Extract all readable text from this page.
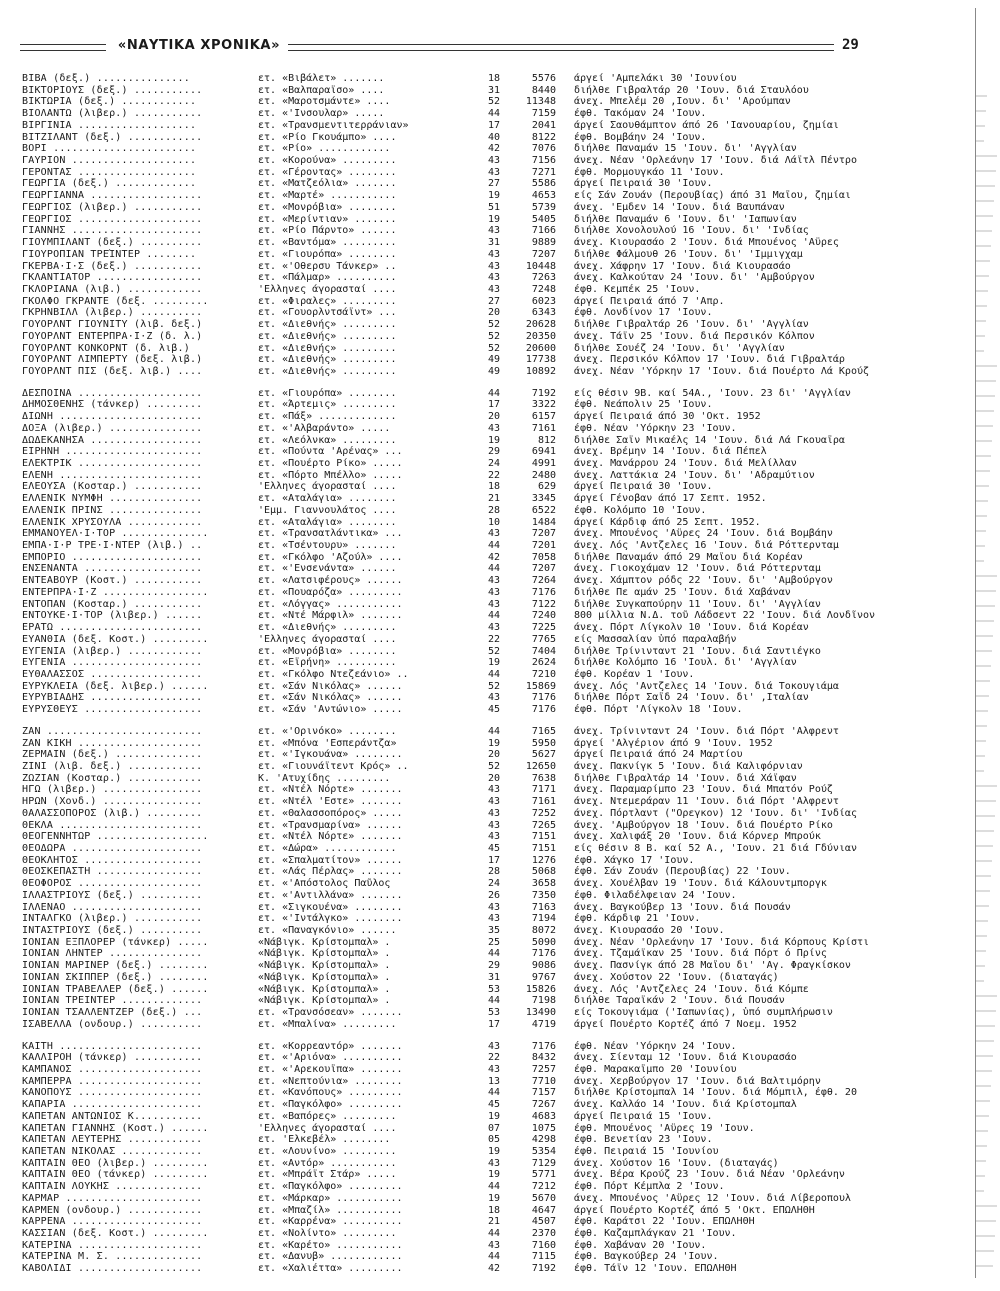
«ΝΑΥΤΙΚΑ ΧΡΟΝΙΚΑ»	29
ΒΙΒΑ (δεξ.) ...............	ετ. «Βιβάλετ» .......	18	5576 άργεί 'Αμπελάκι 30 'Ιουνίου
ΒΙΚΤΟΡΙΟΥΣ (δεξ.) ...........	ετ. «Βαλπαραϊσο» ....	31	8440 διήλθε Γιβραλτάρ 20 'Ιουν. διά Σταυλόου
ΒΙΚΤΩΡΙΑ (δεξ.) ............	ετ. «Μαροτσμάντε» ....	52	11348 άνεχ. Μπελέμ 20 ,Ιουν. δι' 'Αρούμπαν
ΒΙΟΛΑΝΤΩ (λιβερ.) ...........	ετ. «'Ινσουλαρ» .....	44	7159 έφθ. Τακόμαν 24 'Ιουν.
ΒΙΡΓΙΝΙΑ ...................	ετ. «Τρανσμεντιτερράνιαν»	17	2041 άργεί Σαουθάμπτον άπό 26 'Ιανουαρίου, ζημίαι
ΒΙΤΖΙΛΑΝΤ (δεξ.) ............	ετ. «Ρίο Γκουάμπο» ....	40	8122 έφθ. Βομβάην 24 'Ιουν.
ΒΟΡΙ .......................	ετ. «Ρίο» ............	42	7076 διήλθε Παναμάν 15 'Ιουν. δι' 'Αγγλίαν
ΓΑΥΡΙΟΝ ....................	ετ. «Κορούνα» .........	43	7156 άνεχ. Νέαν 'Ορλεάνην 17 'Ιουν. διά Λάϊτλ Πέντρο
ΓΕΡΟΝΤΑΣ ...................	ετ. «Γέροντας» ........	43	7271 έφθ. Μορμουγκάο 11 'Ιουν.
ΓΕΩΡΓΙΑ (δεξ.) .............	ετ. «Ματζεόλια» .......	27	5586 άργεί Πειραιά 30 'Ιουν.
ΓΕΩΡΓΙΑΝΝΑ ..................	ετ. «Μαρτέ» ...........	19	4653 είς Σάν Ζουάν (Περουβίας) άπό 31 Μαΐου, ζημίαι
ΓΕΩΡΓΙΟΣ (λιβερ.) ...........	ετ. «Μονρόβια» ........	51	5739 άνεχ. 'Εμδεν 14 'Ιουν. διά Βαυπάναν
ΓΕΩΡΓΙΟΣ ....................	ετ. «Μερίντιαν» .......	19	5405 διήλθε Παναμάν 6 'Ιουν. δι' 'Ιαπωνίαν
ΓΙΑΝΝΗΣ .....................	ετ. «Ρίο Πάρντο» ......	43	7166 διήλθε Χονολουλού 16 'Ιουν. δι' 'Ινδίας
ΓΙΟΥΜΠΙΛΑΝΤ (δεξ.) ..........	ετ. «Βαντόμα» .........	31	9889 άνεχ. Κιουρασάο 2 'Ιουν. διά Μπουένος 'Αϋρες
ΓΙΟΥΡΟΠΙΑΝ ΤΡΕΊΝΤΕΡ ........	ετ. «Γιουρόπα» ........	43	7207 διήλθε Φάλμουθ 26 'Ιουν. δι' 'Ιμμιγχαμ
ΓΚΕΡΒΑ·Ι·Σ (δεξ.) ...........	ετ. «'Οθερσυ Τάνκερ» ..	43	10448 άνεχ. Χάφρην 17 'Ιουν. διά Κιουρασάο
ΓΚΛΑΝΤΙΑΤΟΡ .................	ετ. «Πάλμαρ» ..........	43	7263 άνεχ. Καλκούταν 24 'Ιουν. δι' 'Αμβούργον
ΓΚΛΟΡΙΑΝΑ (λιβ.) ............	'Ελληνες άγορασταί ....	43	7248 έφθ. Κεμπέκ 25 'Ιουν.
ΓΚΟΛΦΟ ΓΚΡΑΝΤΕ (δεξ. .........	ετ. «Φιραλες» .........	27	6023 άργεί Πειραιά άπό 7 'Απρ.
ΓΚΡΗΝΒΙΛΛ (λιβερ.) ..........	ετ. «Γουορλντσάϊντ» ...	20	6343 έφθ. Λονδίνον 17 'Ιουν.
ΓΟΥΟΡΛΝΤ ΓΙΟΥΝΙΤΥ (λιβ. δεξ.)	ετ. «Διεθνής» .........	52	20628 διήλθε Γιβραλτάρ 26 'Ιουν. δι' 'Αγγλίαν
ΓΟΥΟΡΛΝΤ ΕΝΤΕΡΠΡΑ·Ι·Ζ (δ. λ.)	ετ. «Διεθνής» .........	52	20350 άνεχ. Τάϊν 25 'Ιουν. διά Περσικόν Κόλπον
ΓΟΥΟΡΛΝΤ ΚΟΝΚΟΡΝΤ (δ. λιβ.)	ετ. «Διεθνής» .........	52	20600 διήλθε Σουέζ 24 'Ιουν. δι' 'Αγγλίαν
ΓΟΥΟΡΛΝΤ ΛΙΜΠΕΡΤΥ (δεξ. λιβ.)	ετ. «Διεθνής» .........	49	17738 άνεχ. Περσικόν Κόλπον 17 'Ιουν. διά Γιβραλτάρ
ΓΟΥΟΡΛΝΤ ΠΙΣ (δεξ. λιβ.) ....	ετ. «Διεθνής» .........	49	10892 άνεχ. Νέαν 'Υόρκην 17 'Ιουν. διά Πουέρτο Λά Κρούζ
ΔΕΣΠΟΙΝΑ ....................	ετ. «Γιουρόπα» ........	44	7192 είς θέσιν 9Β. καί 54Α., 'Ιουν. 23 δι' 'Αγγλίαν
ΔΗΜΟΣΘΕΝΗΣ (τάνκερ) .........	ετ. «Άρτεμις» .........	17	3322 έφθ. Νεάπολιν 25 'Ιουν.
ΔΙΩΝΗ .......................	ετ. «Πάξ» .............	20	6157 άργεί Πειραιά άπό 30 'Οκτ. 1952
ΔΟΞΑ (λιβερ.) ...............	ετ. «'Αλβαράντο» .....	43	7161 έφθ. Νέαν 'Υόρκην 23 'Ιουν.
ΔΩΔΕΚΑΝΗΣΑ ..................	ετ. «Λεόλνκα» .........	19	812 διήλθε Σαϊν Μικαέλς 14 'Ιουν. διά Λά Γκουαΐρα
ΕΙΡΗΝΗ ......................	ετ. «Πούντα 'Αρένας» ...	29	6941 άνεχ. Βρέμην 14 'Ιουν. διά Πέπελ
ΕΛΕΚΤΡΙΚ ....................	ετ. «Πουέρτο Ρίκο» .....	24	4991 άνεχ. Μανάρρου 24 'Ιουν. διά Μελίλλαν
ΕΛΕΝΗ .......................	ετ. «Πόρτο Μπέλλο» .....	22	2480 άνεχ. Λαττάκια 24 'Ιουν. δι' 'Αδραμύτιον
ΕΛΕΟΥΣΑ (Κοσταρ.) ...........	'Ελληνες άγορασταί ....	18	629 άργεί Πειραιά 30 'Ιουν.
ΕΛΛΕΝΙΚ ΝΥΜΦΗ ...............	ετ. «Αταλάγια» ........	21	3345 άργεί Γένοβαν άπό 17 Σεπτ. 1952.
ΕΛΛΕΝΙΚ ΠΡΙΝΣ ...............	'Εμμ. Γιαννουλάτος ....	28	6522 έφθ. Κολόμπο 10 'Ιουν.
ΕΛΛΕΝΙΚ ΧΡΥΣΟΥΛΑ ............	ετ. «Αταλάγια» ........	10	1484 άργεί Κάρδιφ άπό 25 Σεπτ. 1952.
ΕΜΜΑΝΟΥΕΛ·Ι·ΤΟΡ ..............	ετ. «Τρανσατλάντικα» ...	43	7207 άνεχ. Μπουένος 'Αϋρες 24 'Ιουν. διά Βομβάην
ΕΜΠΑ·Ι·Ρ ΤΡΕ·Ι·ΝΤΕΡ (λιβ.) ..	ετ. «Τσέντουρυ» .......	44	7201 άνεχ. Λός 'Αντζελες 16 'Ιουν. διά Ρόττερνταμ
ΕΜΠΟΡΙΟ .....................	ετ. «Γκόλφο 'Αζούλ» ....	42	7058 διήλθε Παναμάν άπό 29 Μαΐου διά Κορέαν
ΕΝΣΕΝΑΝΤΑ ...................	ετ. «'Ενσενάντα» ......	44	7207 άνεχ. Γιοκοχάμαν 12 'Ιουν. διά Ρόττερνταμ
ΕΝΤΕΑΒΟΥΡ (Κοστ.) ...........	ετ. «Λατσιφέρους» ......	43	7264 άνεχ. Χάμπτον ρόδς 22 'Ιουν. δι' 'Αμβούργον
ΕΝΤΕΡΠΡΑ·Ι·Ζ .................	ετ. «Πουαρόζα» .........	43	7176 διήλθε Πε αμάν 25 'Ιουν. διά Χαβάναν
ΕΝΤΟΠΑΝ (Κοσταρ.) ...........	ετ. «Λόγγας» ...........	43	7122 διήλθε Συγκαπούρην 11 'Ιουν. δι' 'Αγγλίαν
ΕΝΤΟΥΚΕ·Ι·ΤΟΡ (λιβερ.) ......	ετ. «Ντέ Μάρφιλ» .......	44	7240 800 μίλλια Ν.Δ. τοῦ Λάδσεντ 22 'Ιουν. διά Λονδῖνον
ΕΡΑΤΩ .......................	ετ. «Διεθνής» .........	43	7225 άνεχ. Πόρτ Λίγκολν 10 'Ιουν. διά Κορέαν
ΕΥΑΝΘΙΑ (δεξ. Κοστ.) .........	'Ελληνες άγορασταί ....	22	7765 είς Μασσαλίαν ὑπό παραλαβήν
ΕΥΓΕΝΙΑ (λιβερ.) ............	ετ. «Μονρόβια» ........	52	7404 διήλθε Τρίνινταντ 21 'Ιουν. διά Σαντιέγκο
ΕΥΓΕΝΙΑ .....................	ετ. «Εϊρήνη» ..........	19	2624 διήλθε Κολόμπο 16 'Ιουλ. δι' 'Αγγλίαν
ΕΥΘΑΛΑΣΣΟΣ ..................	ετ. «Γκόλφο Ντεζεάνιο» ..	44	7210 έφθ. Κορέαν 1 'Ιουν.
ΕΥΡΥΚΛΕΙΑ (δεξ. λιβερ.) ......	ετ. «Σάν Νικόλας» ......	52	15869 άνεχ. Λός 'Αντζελες 14 'Ιουν. διά Τοκουγιάμα
ΕΥΡΥΒΙΑΔΗΣ ..................	ετ. «Σάν Νικόλας» ......	43	7176 διήλθε Πόρτ Σαΐδ 24 'Ιουν. δι' ,Ιταλίαν
ΕΥΡΥΣΘΕΥΣ ...................	ετ. «Σάν 'Αντώνιο» .....	45	7176 έφθ. Πόρτ 'Λίγκολν 18 'Ιουν.
ΖΑΝ .........................	ετ. «'Ορινόκο» ........	44	7165 άνεχ. Τρίνινταντ 24 'Ιουν. διά Πόρτ 'Αλφρεντ
ΖΑΝ ΚΙΚΗ ....................	ετ. «Μπόνα 'Εσπεράντζα»	19	5950 άργεί 'Αλγέριον άπό 9 'Ιουν. 1952
ΖΕΡΜΑΙΝ (δεξ.) ..............	ετ. «'Ιγκουάνα» ........	20	5627 άργεί Πειραιά άπό 24 Μαρτίου
ΖΙΝΙ (λιβ. δεξ.) ............	ετ. «Γιουνάϊτεντ Κρός» ..	52	12650 άνεχ. Πακνίγκ 5 'Ιουν. διά Καλιφόρνιαν
ΖΩΖΙΑΝ (Κοσταρ.) ............	Κ. 'Ατυχίδης .........	20	7638 διήλθε Γιβραλτάρ 14 'Ιουν. διά Χάϊφαν
ΗΓΩ (λιβερ.) ................	ετ. «Ντέλ Νόρτε» .......	43	7171 άνεχ. Παραμαρίμπο 23 'Ιουν. διά Μπατόν Ρούζ
ΗΡΩΝ (Χονδ.) ................	ετ. «Ντέλ 'Εστε» .......	43	7161 άνεχ. Ντεμεράραν 11 'Ιουν. διά Πόρτ 'Αλφρεντ
ΘΑΛΑΣΣΟΠΟΡΟΣ (λιβ.) .........	ετ. «Θαλασσοπόρος» .....	43	7252 άνεχ. Πόρτλαντ ("Ορεγκον) 12 'Ιουν. δι' 'Ινδίας
ΘΕΚΛΑ .......................	ετ. «Τρανσμαρίνα» ......	43	7265 άνεχ. 'Αμβούργον 18 'Ιουν. διά Πουέρτο Ρίκο
ΘΕΟΓΕΝΝΗΤΩΡ ..................	ετ. «Ντέλ Νόρτε» .......	43	7151 άνεχ. Χαλιφάξ 20 'Ιουν. διά Κόρνερ Μπρούκ
ΘΕΟΔΩΡΑ .....................	ετ. «Δώρα» ............	45	7151 είς θέσιν 8 Β. καί 52 Α., 'Ιουν. 21 διά Γδύνιαν
ΘΕΟΚΛΗΤΟΣ ...................	ετ. «Σπαλματίτον» ......	17	1276 έφθ. Χάγκο 17 'Ιουν.
ΘΕΟΣΚΕΠΑΣΤΗ .................	ετ. «Λάς Πέρλας» .......	28	5068 έφθ. Σάν Ζουάν (Περουβίας) 22 'Ιουν.
ΘΕΟΦΟΡΟΣ ....................	ετ. «'Απόστολος Παῦλος	24	3658 άνεχ. Χουέλβαν 19 'Ιουν. διά Κάλουντμποργκ
ΙΛΛΑΣΤΡΙΟΥΣ (δεξ.) ..........	ετ. «'Αντιλλάνα» .......	26	7350 έφθ. Φιλαδέλφειαν 24 'Ιουν.
ΙΛΛΕΝΑΟ .....................	ετ. «Σιγκουένα» ........	43	7163 άνεχ. Βαγκούβερ 13 'Ιουν. διά Πουσάν
ΙΝΤΑΛΓΚΟ (λιβερ.) ...........	ετ. «'Ιντάλγκο» ........	43	7194 έφθ. Κάρδιφ 21 'Ιουν.
ΙΝΤΑΣΤΡΙΟΥΣ (δεξ.) ..........	ετ. «Παναγκόνιο» ......	35	8072 άνεχ. Κιουρασάο 20 'Ιουν.
ΙΟΝΙΑΝ ΕΞΠΛΟΡΕΡ (τάνκερ) .....	«Νάβιγκ. Κρίστομπαλ» .	25	5090 άνεχ. Νέαν 'Ορλεάνην 17 'Ιουν. διά Κόρπους Κρίστι
ΙΟΝΙΑΝ ΛΗΝΤΕΡ ...............	«Νάβιγκ. Κρίστομπαλ» .	44	7176 άνεχ. Τζαμάϊκαν 25 'Ιουν. διά Πόρτ ό Πρίνς
ΙΟΝΙΑΝ ΜΑΡΙΝΕΡ (δεξ.) ........	«Νάβιγκ. Κρίστομπαλ» .	29	9086 άνεχ. Πασνίγκ άπό 28 Μαΐου δι' 'Αγ. Φραγκίσκον
ΙΟΝΙΑΝ ΣΚΙΠΠΕΡ (δεξ.) ........	«Νάβιγκ. Κρίστομπαλ» .	31	9767 άνεχ. Χούστον 22 'Ιουν. (διαταγάς)
ΙΟΝΙΑΝ ΤΡΑΒΕΛΛΕΡ (δεξ.) ......	«Νάβιγκ. Κρίστομπαλ» .	53	15826 άνεχ. Λός 'Αντζελες 24 'Ιουν. διά Κόμπε
ΙΟΝΙΑΝ ΤΡΕΪΝΤΕΡ .............	«Νάβιγκ. Κρίστομπαλ» .	44	7198 διήλθε Ταραϊκάν 2 'Ιουν. διά Πουσάν
ΙΟΝΙΑΝ ΤΣΑΛΛΕΝΤΖΕΡ (δεξ.) ...	ετ. «Τρανσόσεαν» .......	53	13490 είς Τοκουγιάμα ('Ιαπωνίας), ὑπό συμπλήρωσιν
ΙΣΑΒΕΛΛΑ (ονδουρ.) ..........	ετ. «Μπαλίνα» .........	17	4719 άργεί Πουέρτο Κορτέζ άπό 7 Νοεμ. 1952
ΚΑΙΤΗ .......................	ετ. «Κορρεαντόρ» .......	43	7176 έφθ. Νέαν 'Υόρκην 24 'Ιουν.
ΚΑΛΛΙΡΟΗ (τάνκερ) ...........	ετ. «'Αριόνα» ..........	22	8432 άνεχ. Σίενταμ 12 'Ιουν. διά Κιουρασάο
ΚΑΜΠΑΝΟΣ ....................	ετ. «'Αρεκουΐπα» .......	43	7257 έφθ. Μαρακαΐμπο 20 'Ιουνίου
ΚΑΜΠΕΡΡΑ ....................	ετ. «Νεπτούνια» ........	13	7710 άνεχ. Χερβούργον 17 'Ιουν. διά Βαλτιμόρην
ΚΑΝΟΠΟΥΣ ....................	ετ. «Κανόπους» .........	44	7157 διήλθε Κρίστομπαλ 14 'Ιουν. διά Μόμπιλ, έφθ. 20
ΚΑΠΑΡΙΑ .....................	ετ. «Παγκόλφο» .........	45	7267 άνεχ. Καλλάο 14 'Ιουν. διά Κρίστομπαλ
ΚΑΠΕΤΑΝ ΑΝΤΩΝΙΟΣ Κ...........	ετ. «Βαπόρες» .........	19	4683 άργεί Πειραιά 15 'Ιουν.
ΚΑΠΕΤΑΝ ΓΙΑΝΝΗΣ (Κοστ.) ......	'Ελληνες άγορασταί ....	07	1075 έφθ. Μπουένος 'Αϋρες 19 'Ιουν.
ΚΑΠΕΤΑΝ ΛΕΥΤΕΡΗΣ ............	ετ. 'Ελκεβέλ» ........	05	4298 έφθ. Βενετίαν 23 'Ιουν.
ΚΑΠΕΤΑΝ ΝΙΚΟΛΑΣ .............	ετ. «Λουνίνο» .........	19	5354 έφθ. Πειραιά 15 'Ιουνίου
ΚΑΠΤΑΙΝ ΘΕΟ (λιβερ.) .........	ετ. «Αντόρ» ...........	43	7129 άνεχ. Χούστον 16 'Ιουν. (διαταγάς)
ΚΑΠΤΑΙΝ ΘΕΟ (τάνκερ) .........	ετ. «Μπράϊτ Στάρ» .....	19	5771 άνεχ. Βέρα Κρούζ 23 'Ιουν. διά Νέαν 'Ορλεάνην
ΚΑΠΤΑΙΝ ΛΟΥΚΗΣ ..............	ετ. «Παγκόλφο» .........	44	7212 έφθ. Πόρτ Κέμπλα 2 'Ιουν.
ΚΑΡΜΑΡ ......................	ετ. «Μάρκαρ» ...........	19	5670 άνεχ. Μπουένος 'Αϋρες 12 'Ιουν. διά Λίβεροπουλ
ΚΑΡΜΕΝ (ονδουρ.) ............	ετ. «Μπαζίλ» ...........	18	4647 άργεί Πουέρτο Κορτέζ άπό 5 'Οκτ. ΕΠΩΛΗΘΗ
ΚΑΡΡΕΝΑ .....................	ετ. «Καρρένα» ..........	21	4507 έφθ. Καράτσι 22 'Ιουν. ΕΠΩΛΗΘΗ
ΚΑΣΣΙΑΝ (δεξ. Κοστ.) .........	ετ. «Νολίντο» .........	44	2370 έφθ. Καζαμπλάγκαν 21 'Ιουν.
ΚΑΤΕΡΙΝΑ ....................	ετ. «Καρέτο» ...........	43	7160 έφθ. Χαβάναν 20 'Ιουν.
ΚΑΤΕΡΙΝΑ Μ. Σ. ..............	ετ. «Δανυβ» ............	44	7115 έφθ. Βαγκούβερ 24 'Ιουν.
ΚΑΒΟΛΙΔΙ ....................	ετ. «Χαλιέττα» .........	42	7192 έφθ. Τάϊν 12 'Ιουν. ΕΠΩΛΗΘΗ
